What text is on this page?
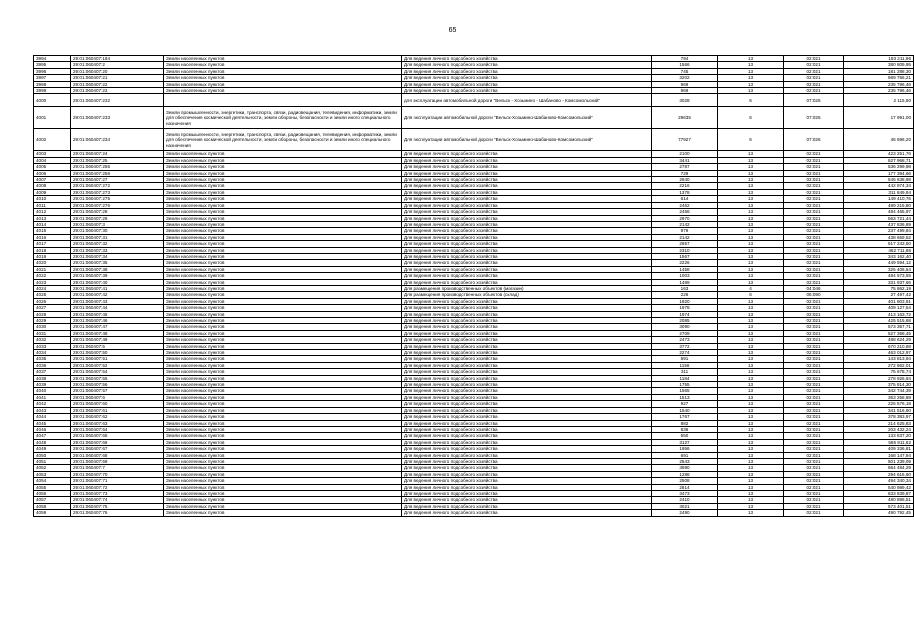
65
3994	29:01:060407:194	Земли населенных пунктов	Для ведения личного подсобного хозяйства	794	13	02:021	193 211,96
3995	29:01:060407:2	Земли населенных пунктов	Для ведения личного подсобного хозяйства	1566	13	02:021	380 809,95
3996	29:01:060407:20	Земли населенных пунктов	Для ведения личного подсобного хозяйства	745	13	02:021	181 288,30
3997	29:01:060407:21	Земли населенных пунктов	Для ведения личного подсобного хозяйства	3202	13	02:021	569 766,21
3998	29:01:060407:22	Земли населенных пунктов	Для ведения личного подсобного хозяйства	969	13	02:021	235 796,46
3999	29:01:060407:23	Земли населенных пунктов	Для ведения личного подсобного хозяйства	969	13	02:021	235 796,46
4000	29:01:060407:232		для эксплуатации автомобильной дороги "Вельск - Хозьмино - Шабаново - Комсомольский"	3028	6	07:026	2 115,80
4001	29:01:060407:233	Земли промышленности, энергетики, транспорта, связи, радиовещания, телевидения, информатики, земли для обеспечения космической деятельности, земли обороны, безопасности и земли иного специального назначения	Для эксплуатации автомобильной дороги "Вельск-Хозьмино-Шабаново-Комсомольский"	29635	6	07:026	17 991,00
4002	29:01:060407:234	Земли промышленности, энергетики, транспорта, связи, радиовещания, телевидения, информатики, земли для обеспечения космической деятельности, земли обороны, безопасности и земли иного специального назначения	Для эксплуатации автомобильной дороги "Вельск-Хозьмино-Шабаново-Комсомольский"	77927	6	07:026	46 696,20
4003	29:01:060407:24	Земли населенных пунктов	Для ведения личного подсобного хозяйства	2100	13	02:021	423 251,76
4004	29:01:060407:25	Земли населенных пунктов	Для ведения личного подсобного хозяйства	3441	13	02:021	627 968,71
4005	29:01:060407:255	Земли населенных пунктов	Для ведения личного подсобного хозяйства	2787	13	02:021	536 299,98
4006	29:01:060407:256	Земли населенных пунктов	Для ведения личного подсобного хозяйства	729	13	02:021	177 394,66
4007	29:01:060407:27	Земли населенных пунктов	Для ведения личного подсобного хозяйства	2840	13	02:021	546 638,98
4008	29:01:060407:272	Земли населенных пунктов	Для ведения личного подсобного хозяйства	2216	13	02:021	442 974,34
4009	29:01:060407:273	Земли населенных пунктов	Для ведения личного подсобного хозяйства	1378	13	02:021	311 849,94
4010	29:01:060407:275	Земли населенных пунктов	Для ведения личного подсобного хозяйства	614	13	02:021	149 410,76
4011	29:01:060407:276	Земли населенных пунктов	Для ведения личного подсобного хозяйства	2462	13	02:021	489 215,80
4012	29:01:060407:28	Земли населенных пунктов	Для ведения личного подсобного хозяйства	2458	13	02:021	484 465,97
4013	29:01:060407:29	Земли населенных пунктов	Для ведения личного подсобного хозяйства	2970	13	02:021	563 721,44
4014	29:01:060407:3	Земли населенных пунктов	Для ведения личного подсобного хозяйства	2142	13	02:021	437 836,89
4015	29:01:060407:30	Земли населенных пунктов	Для ведения личного подсобного хозяйства	976	13	02:021	237 499,84
4016	29:01:060407:31	Земли населенных пунктов	Для ведения личного подсобного хозяйства	2142	13	02:021	438 659,52
4017	29:01:060407:32	Земли населенных пунктов	Для ведения личного подсобного хозяйства	2657	13	02:021	517 243,50
4018	29:01:060407:33	Земли населенных пунктов	Для ведения личного подсобного хозяйства	2310	13	02:021	462 711,86
4019	29:01:060407:34	Земли населенных пунктов	Для ведения личного подсобного хозяйства	1567	13	02:021	343 162,40
4020	29:01:060407:35	Земли населенных пунктов	Для ведения личного подсобного хозяйства	2226	13	02:021	449 594,12
4021	29:01:060407:38	Земли населенных пунктов	Для ведения личного подсобного хозяйства	1458	13	02:021	325 406,54
4022	29:01:060407:39	Земли населенных пунктов	Для ведения личного подсобного хозяйства	1003	13	02:021	484 573,55
4023	29:01:060407:40	Земли населенных пунктов	Для ведения личного подсобного хозяйства	1489	13	02:021	331 937,66
4024	29:01:060407:41	Земли населенных пунктов	Для размещения производственных объектов (магазин)	163	4	04:046	75 862,19
4025	29:01:060407:42	Земли населенных пунктов	Для размещения производственных объектов (склад)	226	6	06:090	27 497,42
4026	29:01:060407:43	Земли населенных пунктов	Для ведения личного подсобного хозяйства	1920	13	02:021	401 803,91
4027	29:01:060407:44	Земли населенных пунктов	Для ведения личного подсобного хозяйства	1978	13	02:021	409 127,54
4028	29:01:060407:45	Земли населенных пунктов	Для ведения личного подсобного хозяйства	1974	13	02:021	413 163,72
4029	29:01:060407:46	Земли населенных пунктов	Для ведения личного подсобного хозяйства	2085	13	02:021	425 515,68
4030	29:01:060407:47	Земли населенных пунктов	Для ведения личного подсобного хозяйства	3090	13	02:021	573 357,71
4031	29:01:060407:48	Земли населенных пунктов	Для ведения личного подсобного хозяйства	2709	13	02:021	527 368,45
4032	29:01:060407:49	Земли населенных пунктов	Для ведения личного подсобного хозяйства	2473	13	02:021	488 624,29
4033	29:01:060407:5	Земли населенных пунктов	Для ведения личного подсобного хозяйства	3772	13	02:021	670 210,88
4034	29:01:060407:50	Земли населенных пунктов	Для ведения личного подсобного хозяйства	2274	13	02:021	463 012,97
4035	29:01:060407:51	Земли населенных пунктов	Для ведения личного подсобного хозяйства	591	13	02:021	143 813,94
4036	29:01:060407:52	Земли населенных пунктов	Для ведения личного подсобного хозяйства	1156	13	02:021	272 862,01
4037	29:01:060407:54	Земли населенных пунктов	Для ведения личного подсобного хозяйства	311	13	02:021	75 678,74
4038	29:01:060407:55	Земли населенных пунктов	Для ведения личного подсобного хозяйства	1184	13	02:021	278 926,94
4039	29:01:060407:56	Земли населенных пунктов	Для ведения личного подсобного хозяйства	1755	13	02:021	375 814,30
4040	29:01:060407:57	Земли населенных пунктов	Для ведения личного подсобного хозяйства	1565	13	02:021	342 744,39
4041	29:01:060407:6	Земли населенных пунктов	Для ведения личного подсобного хозяйства	1513	13	02:021	353 258,88
4042	29:01:060407:60	Земли населенных пунктов	Для ведения личного подсобного хозяйства	927	13	02:021	225 576,18
4043	29:01:060407:61	Земли населенных пунктов	Для ведения личного подсобного хозяйства	1540	13	02:021	341 516,60
4044	29:01:060407:62	Земли населенных пунктов	Для ведения личного подсобного хозяйства	1767	13	02:021	378 383,97
4045	29:01:060407:63	Земли населенных пунктов	Для ведения личного подсобного хозяйства	882	13	02:021	214 625,83
4046	29:01:060407:64	Земли населенных пунктов	Для ведения личного подсобного хозяйства	836	13	02:021	203 432,24
4047	29:01:060407:65	Земли населенных пунктов	Для ведения личного подсобного хозяйства	550	13	02:021	133 837,20
4048	29:01:060407:66	Земли населенных пунктов	Для ведения личного подсобного хозяйства	3127	13	02:021	565 911,62
4049	29:01:060407:67	Земли населенных пунктов	Для ведения личного подсобного хозяйства	1956	13	02:021	409 336,81
4050	29:01:060407:68	Земли населенных пунктов	Для ведения личного подсобного хозяйства	691	13	02:021	168 147,94
4051	29:01:060407:69	Земли населенных пунктов	Для ведения личного подсобного хозяйства	2543	13	02:021	501 239,09
4052	29:01:060407:7	Земли населенных пунктов	Для ведения личного подсобного хозяйства	3690	13	02:021	664 484,29
4053	29:01:060407:70	Земли населенных пунктов	Для ведения личного подсобного хозяйства	1288	13	02:021	294 616,60
4054	29:01:060407:71	Земли населенных пунктов	Для ведения личного подсобного хозяйства	2508	13	02:021	494 340,34
4055	29:01:060407:72	Земли населенных пунктов	Для ведения личного подсобного хозяйства	2814	13	02:021	540 989,42
4056	29:01:060407:73	Земли населенных пунктов	Для ведения личного подсобного хозяйства	3473	13	02:021	633 839,87
4057	29:01:060407:74	Земли населенных пунктов	Для ведения личного подсобного хозяйства	2410	13	02:021	480 886,51
4058	29:01:060407:75	Земли населенных пунктов	Для ведения личного подсобного хозяйства	3021	13	02:021	573 401,51
4059	29:01:060407:76	Земли населенных пунктов	Для ведения личного подсобного хозяйства	2490	13	02:021	490 792,45
